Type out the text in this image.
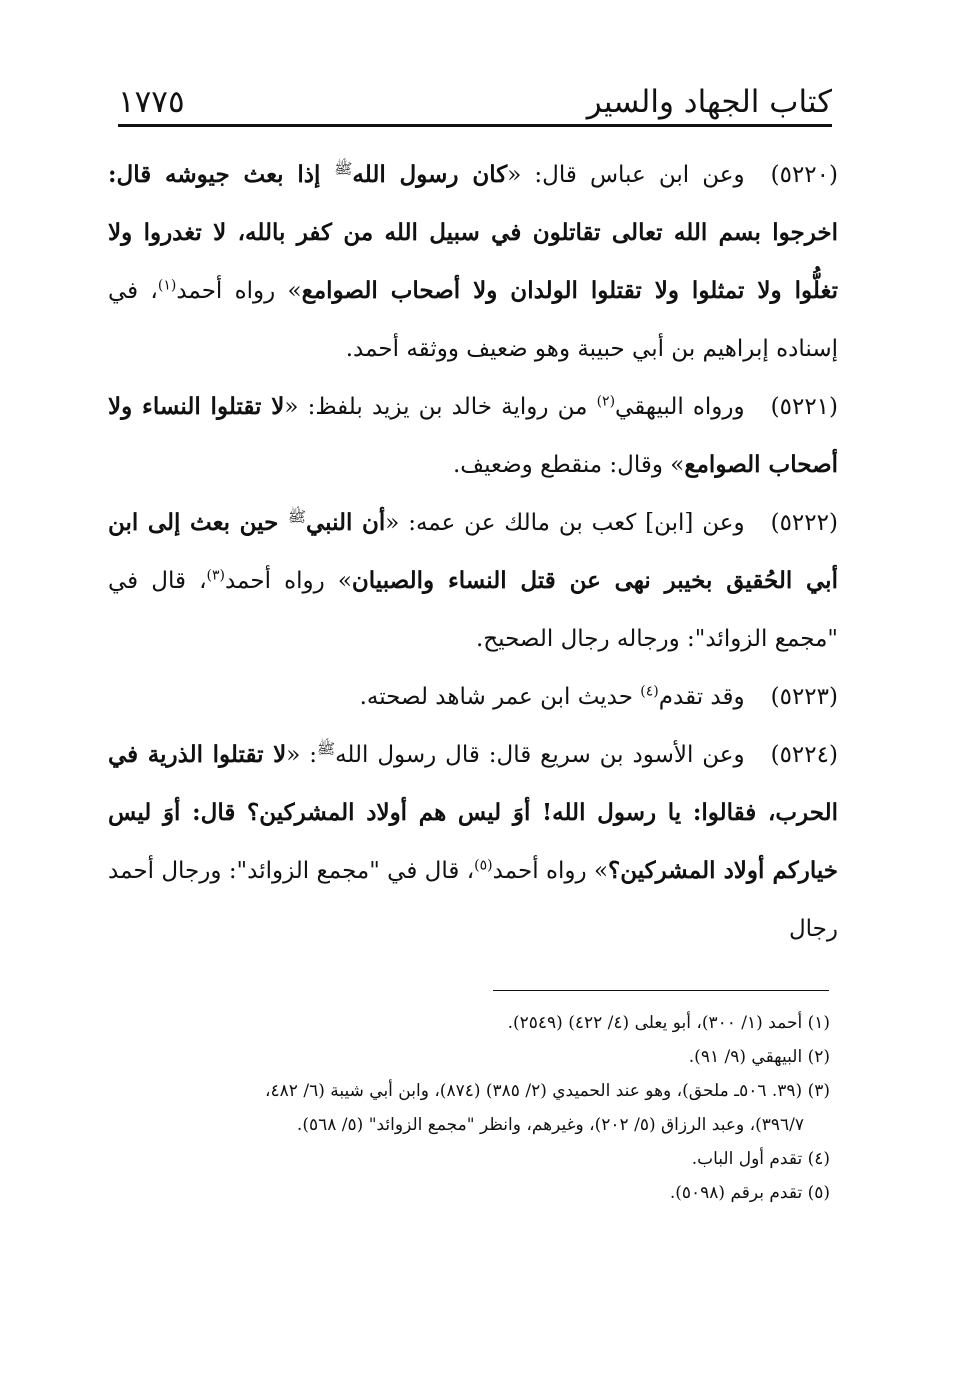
كتاب الجهاد والسير
١٧٧٥

(٥٢٢٠)وعن ابن عباس قال: «كان رسول الله$^ﷺ$ إذا بعث جيوشه قال: اخرجوا بسم الله تعالى تقاتلون في سبيل الله من كفر بالله، لا تغدروا ولا تغلُّوا ولا تمثلوا ولا تقتلوا الولدان ولا أصحاب الصوامع» رواه أحمد$^{(١)}$، في إسناده إبراهيم بن أبي حبيبة وهو ضعيف ووثقه أحمد.

(٥٢٢١)ورواه البيهقي$^{(٢)}$ من رواية خالد بن يزيد بلفظ: «لا تقتلوا النساء ولا أصحاب الصوامع» وقال: منقطع وضعيف.

(٥٢٢٢)وعن [ابن] كعب بن مالك عن عمه: «أن النبي$^ﷺ$ حين بعث إلى ابن أبي الحُقيق بخيبر نهى عن قتل النساء والصبيان» رواه أحمد$^{(٣)}$، قال في "مجمع الزوائد": ورجاله رجال الصحيح.

(٥٢٢٣)وقد تقدم$^{(٤)}$ حديث ابن عمر شاهد لصحته.

(٥٢٢٤)وعن الأسود بن سريع قال: قال رسول الله$^ﷺ$: «لا تقتلوا الذرية في الحرب، فقالوا: يا رسول الله! أوَ ليس هم أولاد المشركين؟ قال: أوَ ليس خياركم أولاد المشركين؟» رواه أحمد$^{(٥)}$، قال في "مجمع الزوائد": ورجال أحمد رجال

(١) أحمد (١/ ٣٠٠)، أبو يعلى (٤/ ٤٢٢) (٢٥٤٩).

(٢) البيهقي (٩/ ٩١).

(٣) (٣٩. ٥٠٦ـ ملحق)، وهو عند الحميدي (٢/ ٣٨٥) (٨٧٤)، وابن أبي شيبة (٦/ ٤٨٢،

٣٩٦/٧)، وعبد الرزاق (٥/ ٢٠٢)، وغيرهم، وانظر "مجمع الزوائد" (٥/ ٥٦٨).

(٤) تقدم أول الباب.

(٥) تقدم برقم (٥٠٩٨).
